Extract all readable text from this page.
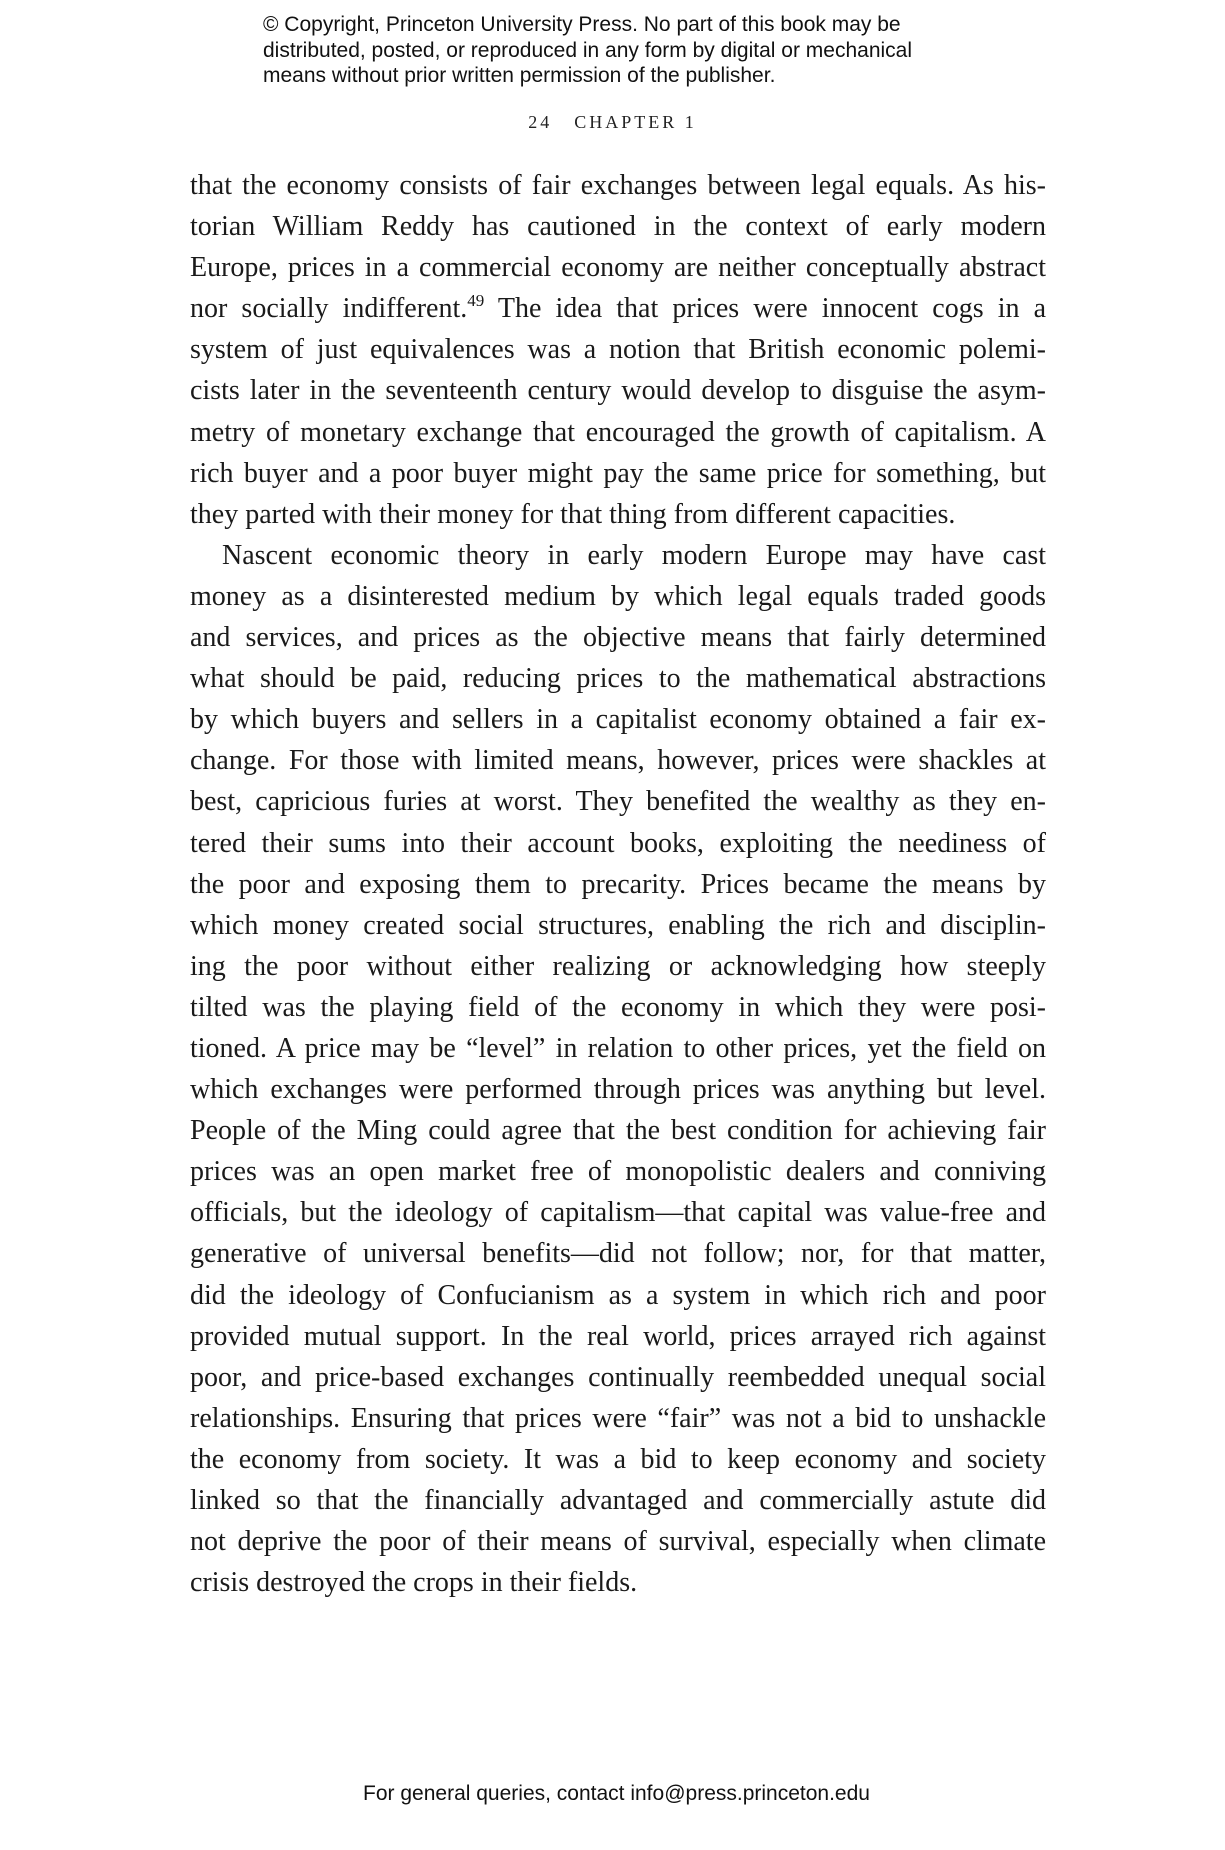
© Copyright, Princeton University Press. No part of this book may be
distributed, posted, or reproduced in any form by digital or mechanical
means without prior written permission of the publisher.
24 CHAPTER 1
that the economy consists of fair exchanges between legal equals. As his-
torian William Reddy has cautioned in the context of early modern
Europe, prices in a commercial economy are neither conceptually abstract
nor socially indifferent.$^{49}$ The idea that prices were innocent cogs in a
system of just equivalences was a notion that British economic polemi-
cists later in the seventeenth century would develop to disguise the asym-
metry of monetary exchange that encouraged the growth of capitalism. A
rich buyer and a poor buyer might pay the same price for something, but
they parted with their money for that thing from different capacities.
Nascent economic theory in early modern Europe may have cast
money as a disinterested medium by which legal equals traded goods
and services, and prices as the objective means that fairly determined
what should be paid, reducing prices to the mathematical abstractions
by which buyers and sellers in a capitalist economy obtained a fair ex-
change. For those with limited means, however, prices were shackles at
best, capricious furies at worst. They benefited the wealthy as they en-
tered their sums into their account books, exploiting the neediness of
the poor and exposing them to precarity. Prices became the means by
which money created social structures, enabling the rich and disciplin-
ing the poor without either realizing or acknowledging how steeply
tilted was the playing field of the economy in which they were posi-
tioned. A price may be “level” in relation to other prices, yet the field on
which exchanges were performed through prices was anything but level.
People of the Ming could agree that the best condition for achieving fair
prices was an open market free of monopolistic dealers and conniving
officials, but the ideology of capitalism—that capital was value-free and
generative of universal benefits—did not follow; nor, for that matter,
did the ideology of Confucianism as a system in which rich and poor
provided mutual support. In the real world, prices arrayed rich against
poor, and price-based exchanges continually reembedded unequal social
relationships. Ensuring that prices were “fair” was not a bid to unshackle
the economy from society. It was a bid to keep economy and society
linked so that the financially advantaged and commercially astute did
not deprive the poor of their means of survival, especially when climate
crisis destroyed the crops in their fields.
For general queries, contact info@press.princeton.edu
